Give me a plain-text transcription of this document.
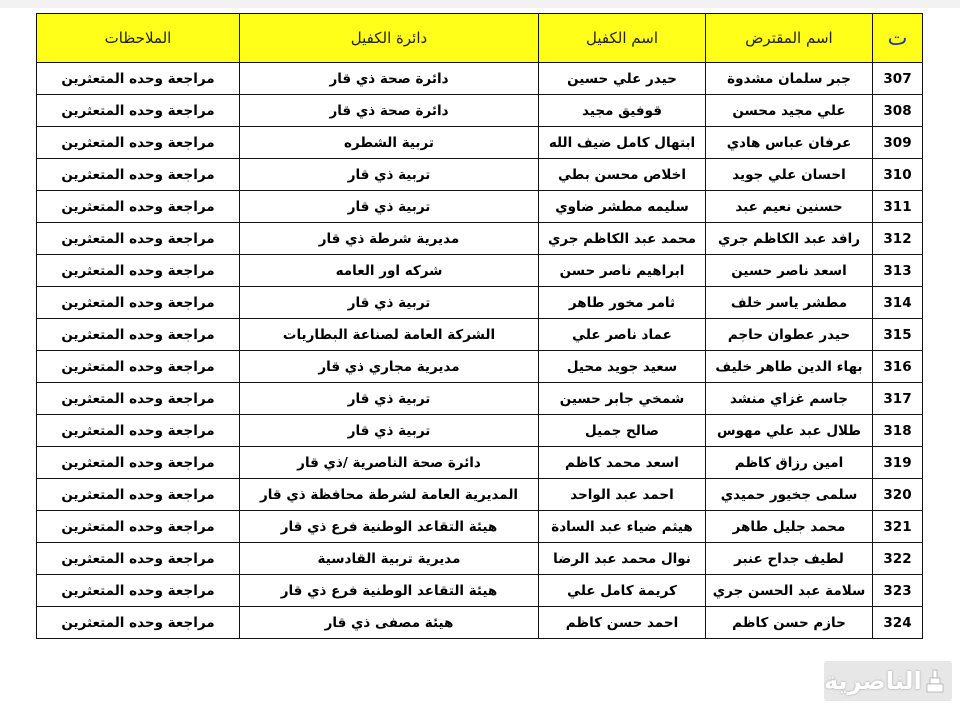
ت	اسم المقترض	اسم الكفيل	دائرة الكفيل	الملاحظات
307	جبر سلمان مشدوة	حيدر علي حسين	دائرة صحة ذي قار	مراجعة وحده المتعثرين
308	علي مجيد محسن	قوفيق مجيد	دائرة صحة ذي قار	مراجعة وحده المتعثرين
309	عرفان عباس هادي	ابتهال كامل ضيف الله	تربية الشطره	مراجعة وحده المتعثرين
310	احسان علي جويد	اخلاص محسن بطي	تربية ذي قار	مراجعة وحده المتعثرين
311	حسنين نعيم عبد	سليمه مطشر ضاوي	تربية ذي قار	مراجعة وحده المتعثرين
312	رافد عبد الكاظم جري	محمد عبد الكاظم جري	مديرية شرطة ذي قار	مراجعة وحده المتعثرين
313	اسعد ناصر حسين	ابراهيم ناصر حسن	شركه اور العامه	مراجعة وحده المتعثرين
314	مطشر ياسر خلف	ثامر مخور طاهر	تربية ذي قار	مراجعة وحده المتعثرين
315	حيدر عطوان حاجم	عماد ناصر علي	الشركة العامة لصناعة البطاريات	مراجعة وحده المتعثرين
316	بهاء الدين طاهر خليف	سعيد جويد محيل	مديرية مجاري ذي قار	مراجعة وحده المتعثرين
317	جاسم غزاي منشد	شمخي جابر حسين	تربية ذي قار	مراجعة وحده المتعثرين
318	طلال عبد علي مهوس	صالح جميل	تربية ذي قار	مراجعة وحده المتعثرين
319	امين رزاق كاظم	اسعد محمد كاظم	دائرة صحة الناصرية /ذي قار	مراجعة وحده المتعثرين
320	سلمى جخيور حميدي	احمد عبد الواحد	المديرية العامة لشرطة محافظة ذي قار	مراجعة وحده المتعثرين
321	محمد جليل طاهر	هيثم ضياء عبد السادة	هيئة التقاعد الوطنية فرع ذي قار	مراجعة وحده المتعثرين
322	لطيف جداح عنبر	نوال محمد عبد الرضا	مديرية تربية القادسية	مراجعة وحده المتعثرين
323	سلامة عبد الحسن جري	كريمة كامل علي	هيئة التقاعد الوطنية فرع ذي قار	مراجعة وحده المتعثرين
324	حازم حسن كاظم	احمد حسن كاظم	هيئة مصفى ذي قار	مراجعة وحده المتعثرين
الناصرية
